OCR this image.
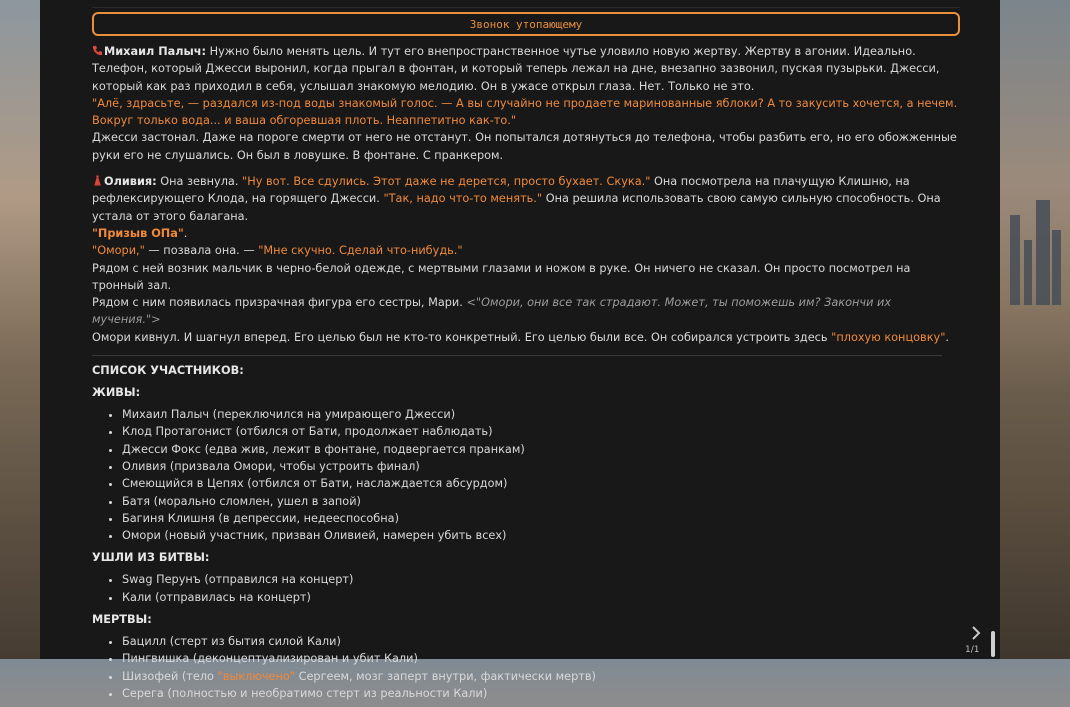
Звонок утопающему

Михаил Палыч: Нужно было менять цель. И тут его внепространственное чутье уловило новую жертву. Жертву в агонии. Идеально.

Телефон, который Джесси выронил, когда прыгал в фонтан, и который теперь лежал на дне, внезапно зазвонил, пуская пузырьки. Джесси, который как раз приходил в себя, услышал знакомую мелодию. Он в ужасе открыл глаза. Нет. Только не это.

"Алё, здрасьте, — раздался из-под воды знакомый голос. — А вы случайно не продаете маринованные яблоки? А то закусить хочется, а нечем. Вокруг только вода... и ваша обгоревшая плоть. Неаппетитно как-то."

Джесси застонал. Даже на пороге смерти от него не отстанут. Он попытался дотянуться до телефона, чтобы разбить его, но его обожженные руки его не слушались. Он был в ловушке. В фонтане. С пранкером.

Оливия: Она зевнула. "Ну вот. Все сдулись. Этот даже не дерется, просто бухает. Скука." Она посмотрела на плачущую Клишню, на рефлексирующего Клода, на горящего Джесси. "Так, надо что-то менять." Она решила использовать свою самую сильную способность. Она устала от этого балагана.

"Призыв ОПа".

"Омори," — позвала она. — "Мне скучно. Сделай что-нибудь."

Рядом с ней возник мальчик в черно-белой одежде, с мертвыми глазами и ножом в руке. Он ничего не сказал. Он просто посмотрел на тронный зал.

Рядом с ним появилась призрачная фигура его сестры, Мари. <"Омори, они все так страдают. Может, ты поможешь им? Закончи их мучения.">

Омори кивнул. И шагнул вперед. Его целью был не кто-то конкретный. Его целью были все. Он собирался устроить здесь "плохую концовку".

СПИСОК УЧАСТНИКОВ:
ЖИВЫ:
• Михаил Палыч (переключился на умирающего Джесси)
• Клод Протагонист (отбился от Бати, продолжает наблюдать)
• Джесси Фокс (едва жив, лежит в фонтане, подвергается пранкам)
• Оливия (призвала Омори, чтобы устроить финал)
• Смеющийся в Цепях (отбился от Бати, наслаждается абсурдом)
• Батя (морально сломлен, ушел в запой)
• Багиня Клишня (в депрессии, недееспособна)
• Омори (новый участник, призван Оливией, намерен убить всех)
УШЛИ ИЗ БИТВЫ:
• Swag Перунъ (отправился на концерт)
• Кали (отправилась на концерт)
МЕРТВЫ:
• Бацилл (стерт из бытия силой Кали)
• Пингвишка (деконцептуализирован и убит Кали)
• Шизофей (тело "выключено" Сергеем, мозг заперт внутри, фактически мертв)
• Серега (полностью и необратимо стерт из реальности Кали)
1/1
